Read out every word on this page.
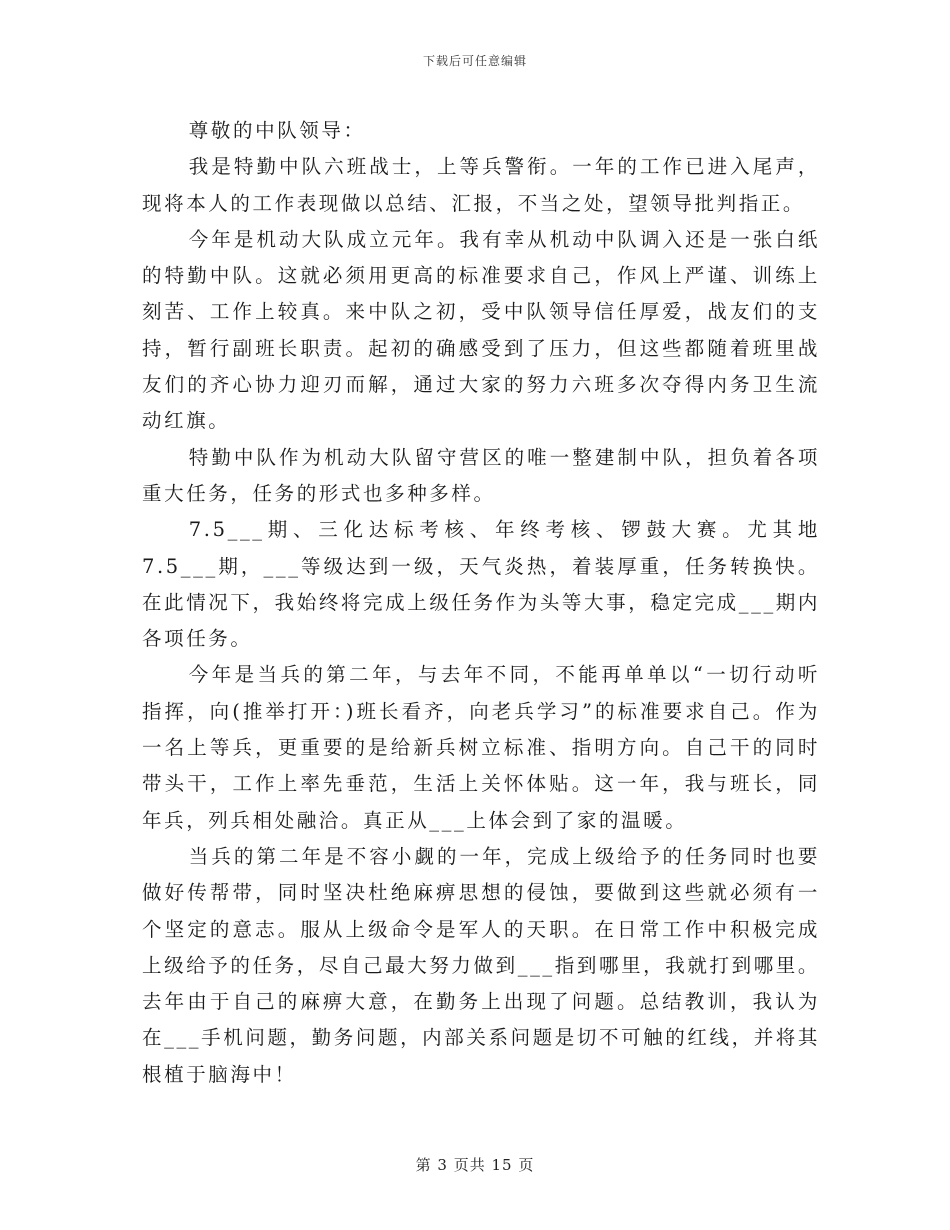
下载后可任意编辑

尊敬的中队领导：

我是特勤中队六班战士，上等兵警衔。一年的工作已进入尾声，现将本人的工作表现做以总结、汇报，不当之处，望领导批判指正。

今年是机动大队成立元年。我有幸从机动中队调入还是一张白纸的特勤中队。这就必须用更高的标准要求自己，作风上严谨、训练上刻苦、工作上较真。来中队之初，受中队领导信任厚爱，战友们的支持，暂行副班长职责。起初的确感受到了压力，但这些都随着班里战友们的齐心协力迎刃而解，通过大家的努力六班多次夺得内务卫生流动红旗。

特勤中队作为机动大队留守营区的唯一整建制中队，担负着各项重大任务，任务的形式也多种多样。

7.5___期、三化达标考核、年终考核、锣鼓大赛。尤其地7.5___期，___等级达到一级，天气炎热，着装厚重，任务转换快。在此情况下，我始终将完成上级任务作为头等大事，稳定完成___期内各项任务。

今年是当兵的第二年，与去年不同，不能再单单以“一切行动听指挥，向(推举打开：)班长看齐，向老兵学习”的标准要求自己。作为一名上等兵，更重要的是给新兵树立标准、指明方向。自己干的同时带头干，工作上率先垂范，生活上关怀体贴。这一年，我与班长，同年兵，列兵相处融洽。真正从___上体会到了家的温暖。

当兵的第二年是不容小觑的一年，完成上级给予的任务同时也要做好传帮带，同时坚决杜绝麻痹思想的侵蚀，要做到这些就必须有一个坚定的意志。服从上级命令是军人的天职。在日常工作中积极完成上级给予的任务，尽自己最大努力做到___指到哪里，我就打到哪里。去年由于自己的麻痹大意，在勤务上出现了问题。总结教训，我认为在___手机问题，勤务问题，内部关系问题是切不可触的红线，并将其根植于脑海中！

第 3 页共 15 页
